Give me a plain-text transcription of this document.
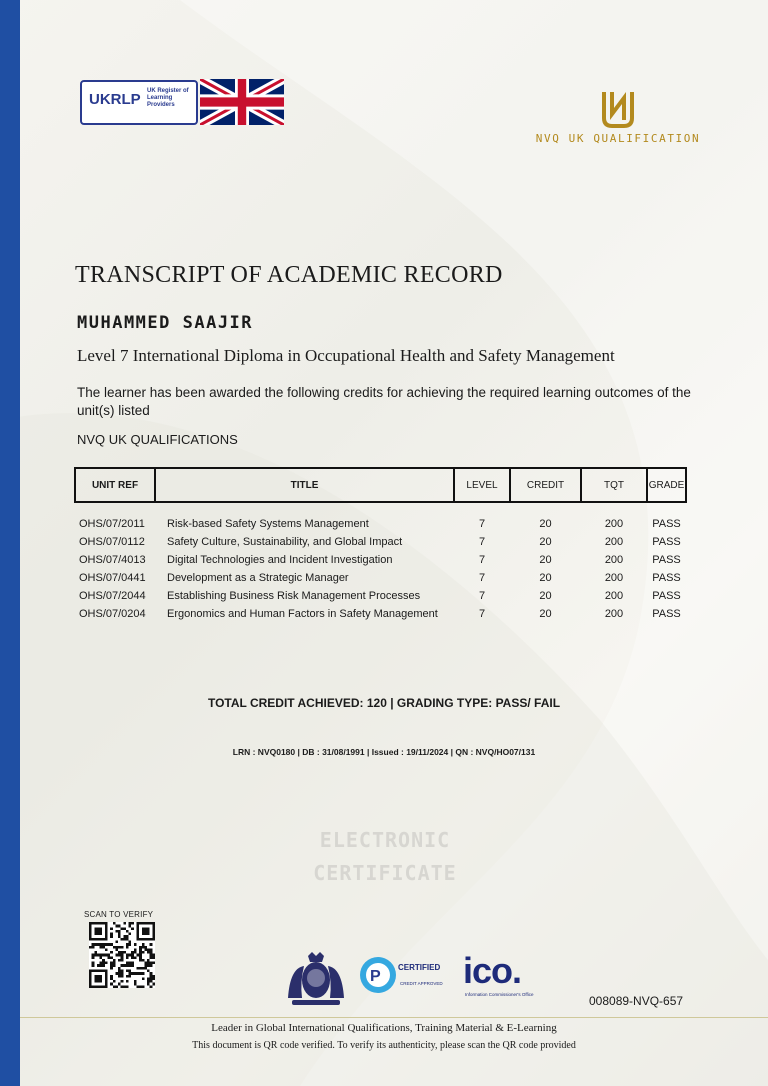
UKRLP UK Register of Learning Providers
NVQ UK QUALIFICATION
TRANSCRIPT OF ACADEMIC RECORD
MUHAMMED SAAJIR
Level 7 International Diploma in Occupational Health and Safety Management
The learner has been awarded the following credits for achieving the required learning outcomes of the unit(s) listed
NVQ UK QUALIFICATIONS
UNIT REF	TITLE	LEVEL	CREDIT	TQT	GRADE
OHS/07/2011	Risk-based Safety Systems Management	7	20	200	PASS
OHS/07/0112	Safety Culture, Sustainability, and Global Impact	7	20	200	PASS
OHS/07/4013	Digital Technologies and Incident Investigation	7	20	200	PASS
OHS/07/0441	Development as a Strategic Manager	7	20	200	PASS
OHS/07/2044	Establishing Business Risk Management Processes	7	20	200	PASS
OHS/07/0204	Ergonomics and Human Factors in Safety Management	7	20	200	PASS
TOTAL CREDIT ACHIEVED: 120 | GRADING TYPE: PASS/ FAIL
LRN : NVQ0180 | DB : 31/08/1991 | Issued : 19/11/2024 | QN : NVQ/HO07/131
ELECTRONIC
CERTIFICATE
SCAN TO VERIFY
P
CERTIFIED
CREDIT APPROVED ico.
Information Commissioner's Office	008089-NVQ-657
Leader in Global International Qualifications, Training Material & E-Learning
This document is QR code verified. To verify its authenticity, please scan the QR code provided
